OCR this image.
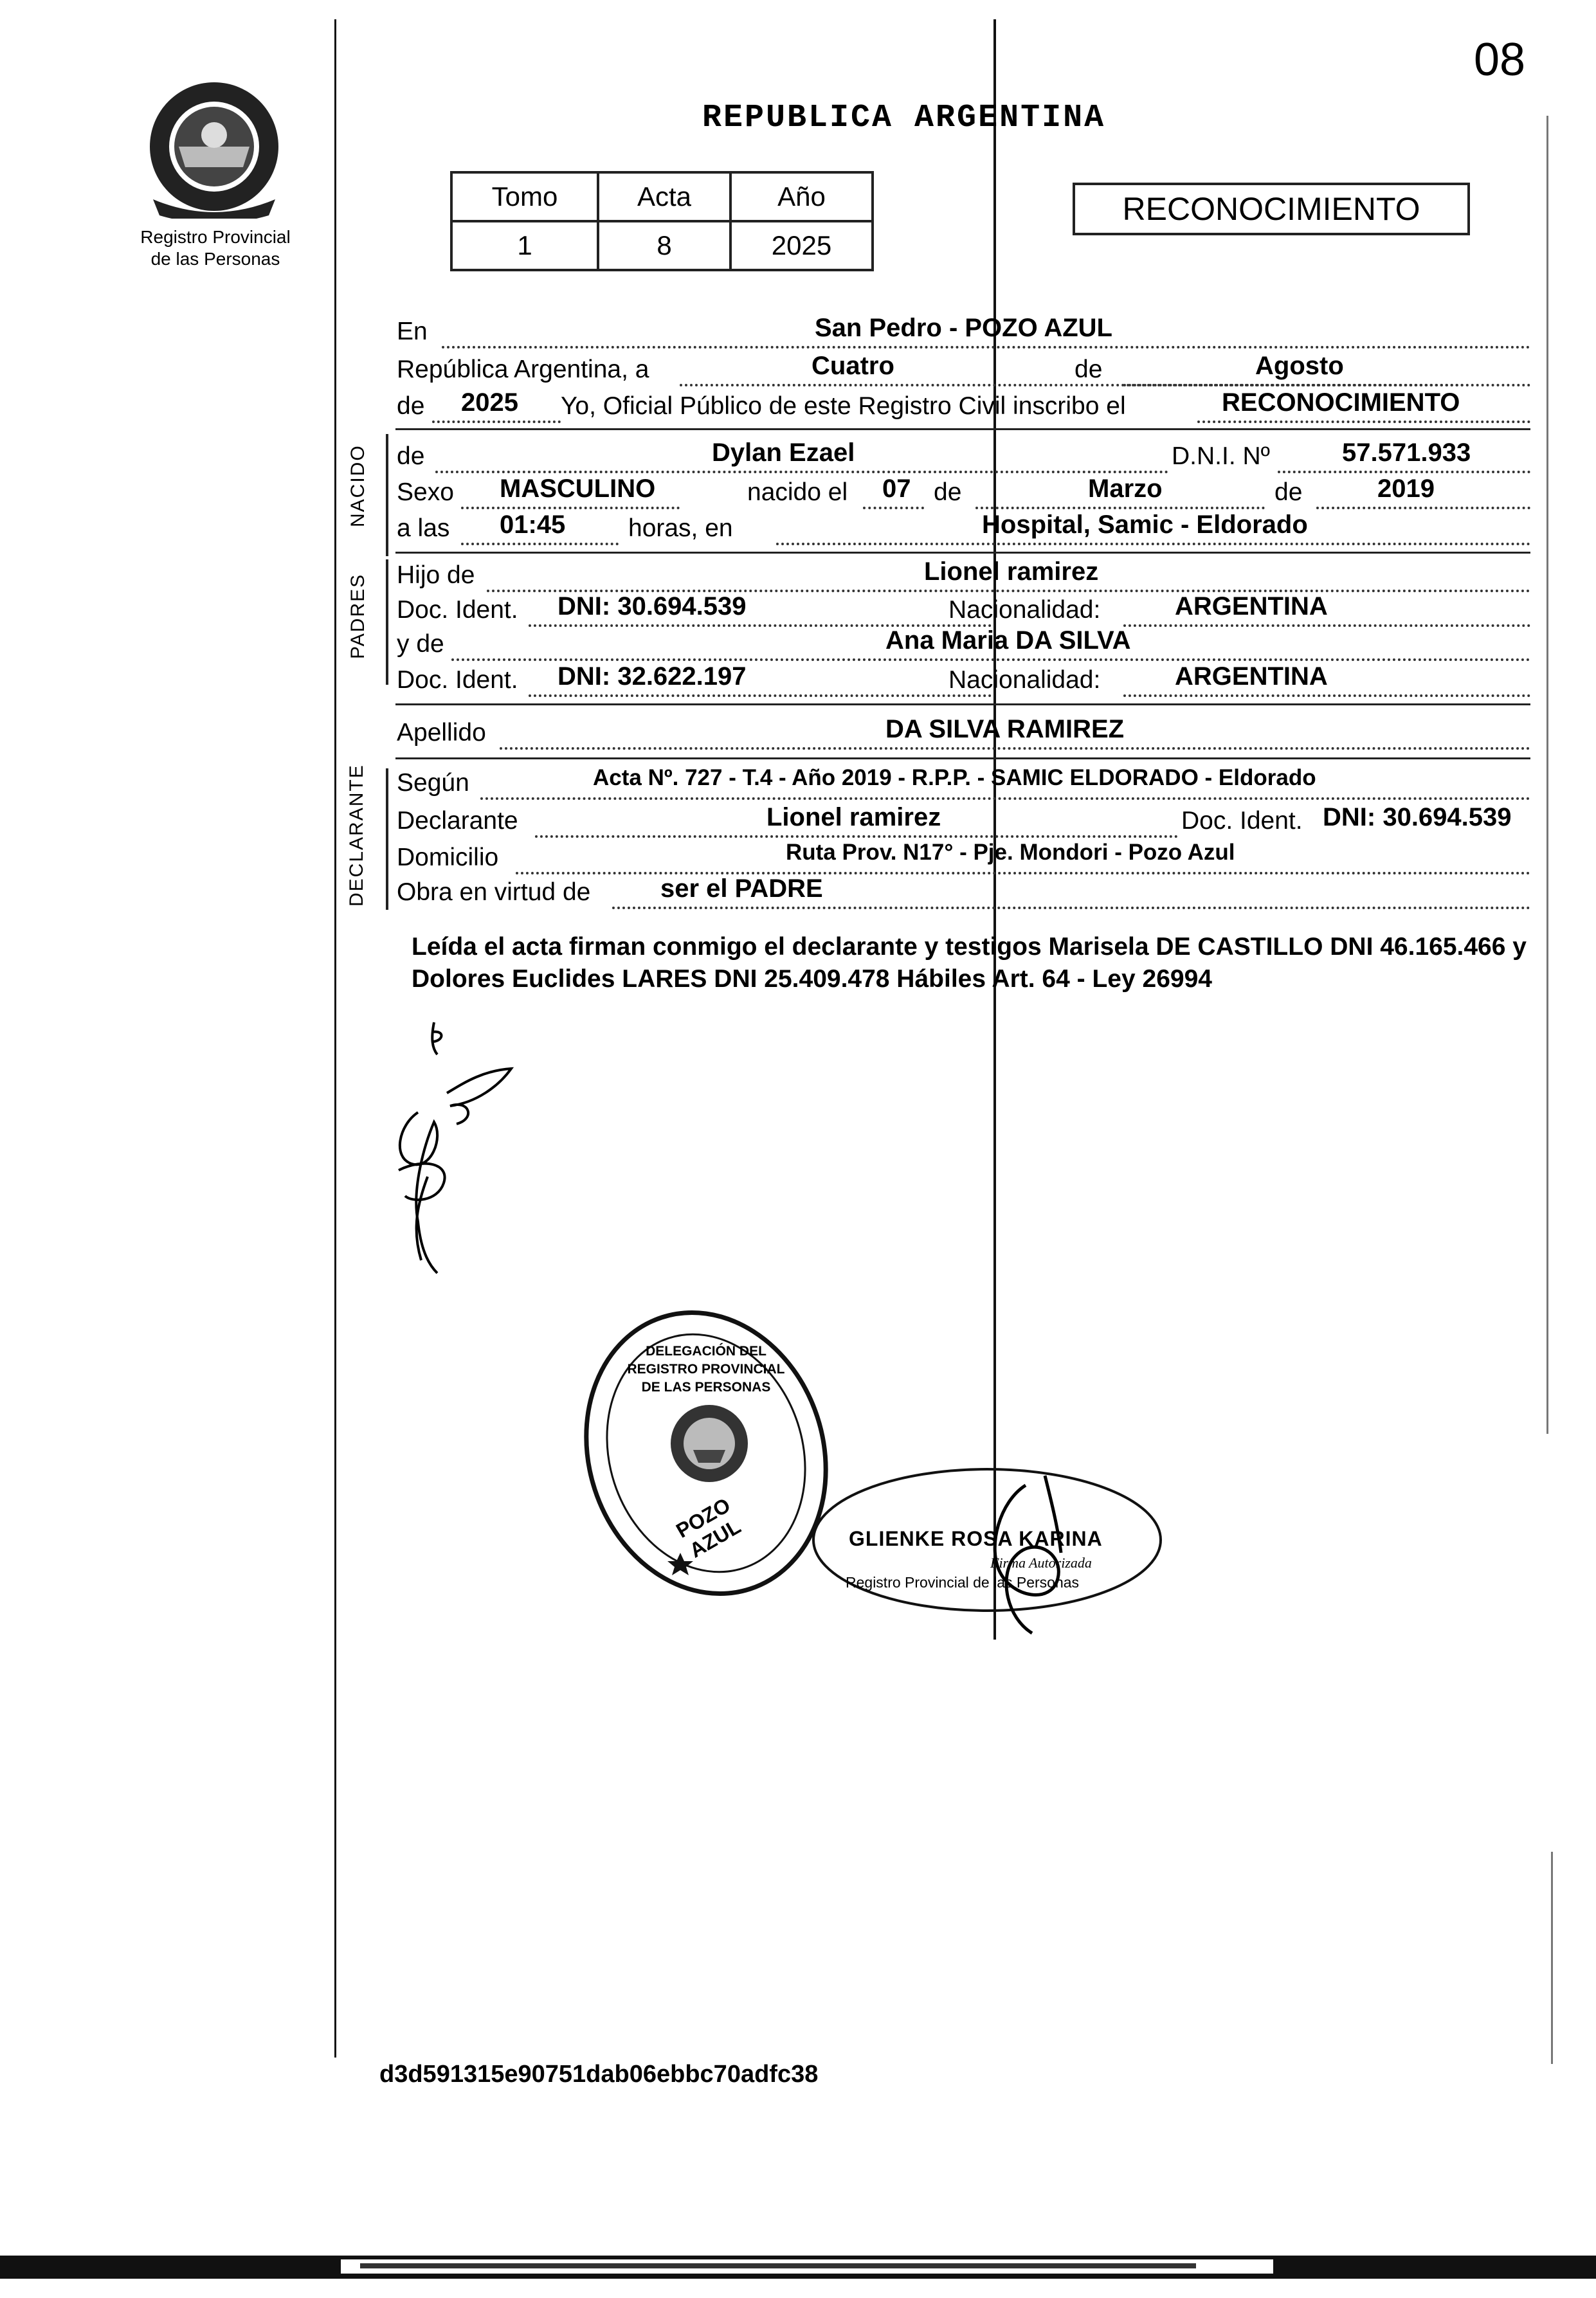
08
Registro Provincial
de las Personas
REPUBLICA ARGENTINA
Tomo	Acta	Año
1	8	2025
RECONOCIMIENTO
En	San Pedro - POZO AZUL
República Argentina, a	Cuatro	de	Agosto
de 2025 Yo, Oficial Público de este Registro Civil inscribo el	RECONOCIMIENTO
NACIDO de	Dylan Ezael	D.N.I. Nº	57.571.933
Sexo MASCULINO	nacido el 07 de	Marzo	de	2019
a las 01:45	horas, en	Hospital, Samic - Eldorado
PADRES Hijo de	Lionel ramirez
Doc. Ident. DNI: 30.694.539	Nacionalidad:	ARGENTINA
y de	Ana Maria DA SILVA
Doc. Ident. DNI: 32.622.197	Nacionalidad:	ARGENTINA
Apellido	DA SILVA RAMIREZ
DECLARANTE Según	Acta Nº. 727 - T.4 - Año 2019 - R.P.P. - SAMIC ELDORADO - Eldorado
Declarante	Lionel ramirez	Doc. Ident. DNI: 30.694.539
Domicilio	Ruta Prov. N17° - Pje. Mondori - Pozo Azul
Obra en virtud de	ser el PADRE
Leída el acta firman conmigo el declarante y testigos Marisela DE CASTILLO DNI 46.165.466 y Dolores Euclides LARES DNI 25.409.478 Hábiles Art. 64 - Ley 26994
DELEGACIÓN DEL REGISTRO PROVINCIAL DE LAS PERSONAS
POZO AZUL	GLIENKE ROSA KARINA
Firma Autorizada
Registro Provincial de las Personas
d3d591315e90751dab06ebbc70adfc38
